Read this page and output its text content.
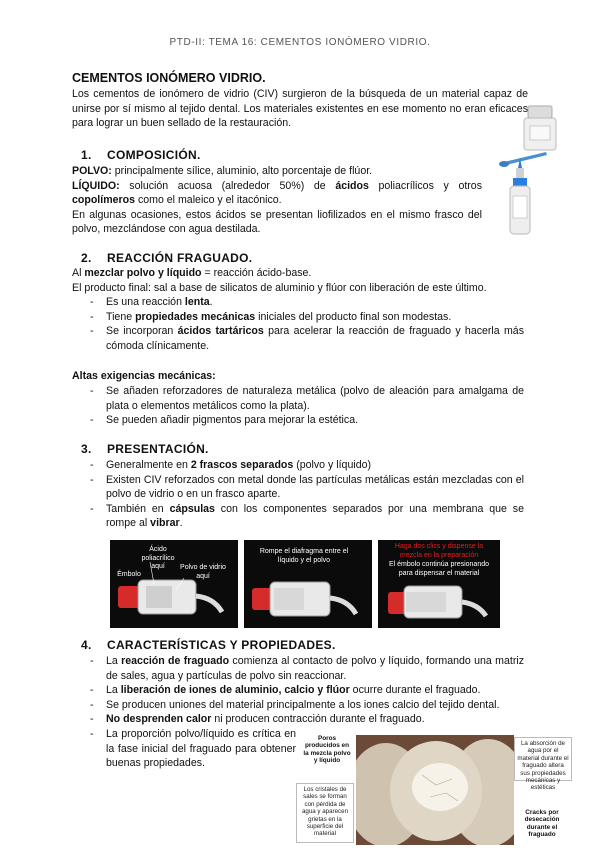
PTD-II: TEMA 16: CEMENTOS IONÓMERO VIDRIO.
CEMENTOS IONÓMERO VIDRIO.
Los cementos de ionómero de vidrio (CIV) surgieron de la búsqueda de un material capaz de unirse por sí mismo al tejido dental. Los materiales existentes en ese momento no eran eficaces para lograr un buen sellado de la restauración.
1. COMPOSICIÓN.
POLVO: principalmente sílice, aluminio, alto porcentaje de flúor.
LÍQUIDO: solución acuosa (alrededor 50%) de ácidos poliacrílicos y otros copolímeros como el maleico y el itacónico.
En algunas ocasiones, estos ácidos se presentan liofilizados en el mismo frasco del polvo, mezclándose con agua destilada.
2. REACCIÓN FRAGUADO.
Al mezclar polvo y líquido = reacción ácido-base.
El producto final: sal a base de silicatos de aluminio y flúor con liberación de este último.
- Es una reacción lenta.
- Tiene propiedades mecánicas iniciales del producto final son modestas.
- Se incorporan ácidos tartáricos para acelerar la reacción de fraguado y hacerla más cómoda clínicamente.
Altas exigencias mecánicas:
- Se añaden reforzadores de naturaleza metálica (polvo de aleación para amalgama de plata o elementos metálicos como la plata).
- Se pueden añadir pigmentos para mejorar la estética.
3. PRESENTACIÓN.
- Generalmente en 2 frascos separados (polvo y líquido)
- Existen CIV reforzados con metal donde las partículas metálicas están mezcladas con el polvo de vidrio o en un frasco aparte.
- También en cápsulas con los componentes separados por una membrana que se rompe al vibrar.
Ácido poliacrílico aquí	Polvo de vidrio aquí
Émbolo
Rompe el diafragma entre el líquido y el polvo
Haga dos clics y dispense la mezcla en la preparación
El émbolo continúa presionando para dispensar el material
4. CARACTERÍSTICAS Y PROPIEDADES.
- La reacción de fraguado comienza al contacto de polvo y líquido, formando una matriz de sales, agua y partículas de polvo sin reaccionar.
- La liberación de iones de aluminio, calcio y flúor ocurre durante el fraguado.
- Se producen uniones del material principalmente a los iones calcio del tejido dental.
- No desprenden calor ni producen contracción durante el fraguado.
- La proporción polvo/líquido es crítica en la fase inicial del fraguado para obtener buenas propiedades.
Poros producidos en la mezcla polvo y líquido
Cracks por desecación durante el fraguado
Los cristales de sales se forman con pérdida de agua y aparecen grietas en la superficie del material
La absorción de agua por el material durante el fraguado altera sus propiedades mecánicas y estéticas
